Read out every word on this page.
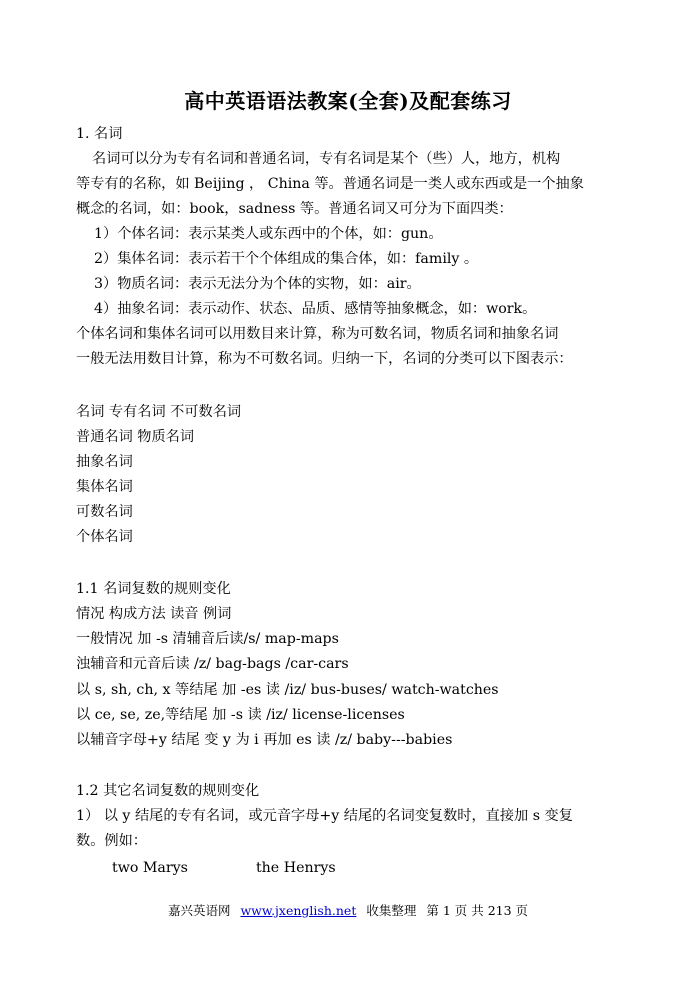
高中英语语法教案(全套)及配套练习
1. 名词
名词可以分为专有名词和普通名词，专有名词是某个（些）人，地方，机构
等专有的名称，如 Beijing ， China 等。普通名词是一类人或东西或是一个抽象
概念的名词，如：book，sadness 等。普通名词又可分为下面四类：
1）个体名词：表示某类人或东西中的个体，如：gun。
2）集体名词：表示若干个个体组成的集合体，如：family 。
3）物质名词：表示无法分为个体的实物，如：air。
4）抽象名词：表示动作、状态、品质、感情等抽象概念，如：work。
个体名词和集体名词可以用数目来计算，称为可数名词，物质名词和抽象名词
一般无法用数目计算，称为不可数名词。归纳一下，名词的分类可以下图表示：
名词 专有名词 不可数名词
普通名词 物质名词
抽象名词
集体名词
可数名词
个体名词
1.1 名词复数的规则变化
情况 构成方法 读音 例词
一般情况 加 -s 清辅音后读/s/ map-maps
浊辅音和元音后读 /z/ bag-bags /car-cars
以 s, sh, ch, x 等结尾 加 -es 读 /iz/ bus-buses/ watch-watches
以 ce, se, ze,等结尾 加 -s 读 /iz/ license-licenses
以辅音字母+y 结尾 变 y 为 i 再加 es 读 /z/ baby---babies
1.2 其它名词复数的规则变化
1） 以 y 结尾的专有名词，或元音字母+y 结尾的名词变复数时，直接加 s 变复
数。例如：
two Marys	the Henrys
嘉兴英语网 www.jxenglish.net 收集整理 第 1 页 共 213 页
